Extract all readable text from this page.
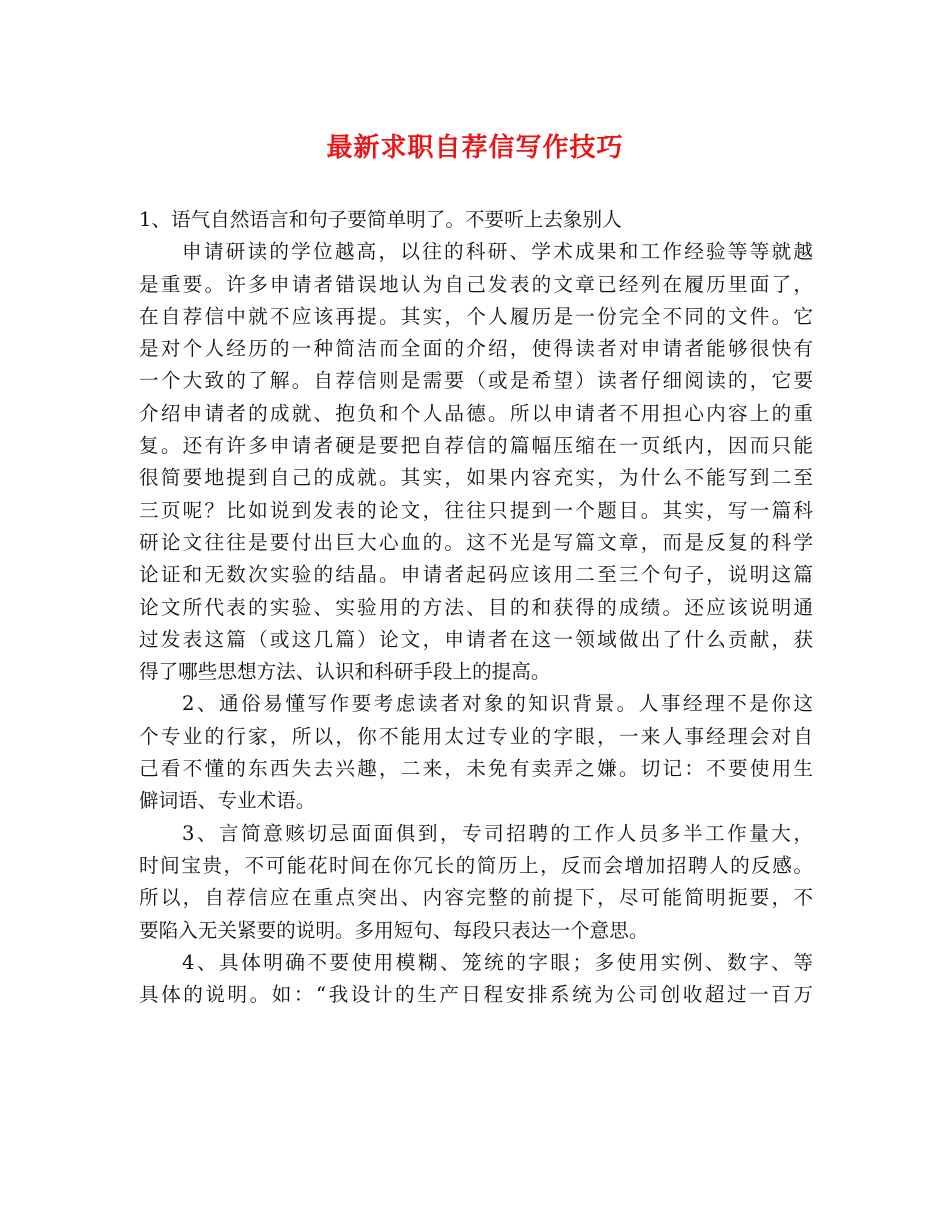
最新求职自荐信写作技巧
1、语气自然语言和句子要简单明了。不要听上去象别人
申请研读的学位越高，以往的科研、学术成果和工作经验等等就越
是重要。许多申请者错误地认为自己发表的文章已经列在履历里面了，
在自荐信中就不应该再提。其实，个人履历是一份完全不同的文件。它
是对个人经历的一种简洁而全面的介绍，使得读者对申请者能够很快有
一个大致的了解。自荐信则是需要（或是希望）读者仔细阅读的，它要
介绍申请者的成就、抱负和个人品德。所以申请者不用担心内容上的重
复。还有许多申请者硬是要把自荐信的篇幅压缩在一页纸内，因而只能
很简要地提到自己的成就。其实，如果内容充实，为什么不能写到二至
三页呢？比如说到发表的论文，往往只提到一个题目。其实，写一篇科
研论文往往是要付出巨大心血的。这不光是写篇文章，而是反复的科学
论证和无数次实验的结晶。申请者起码应该用二至三个句子，说明这篇
论文所代表的实验、实验用的方法、目的和获得的成绩。还应该说明通
过发表这篇（或这几篇）论文，申请者在这一领域做出了什么贡献，获
得了哪些思想方法、认识和科研手段上的提高。
2、通俗易懂写作要考虑读者对象的知识背景。人事经理不是你这
个专业的行家，所以，你不能用太过专业的字眼，一来人事经理会对自
己看不懂的东西失去兴趣，二来，未免有卖弄之嫌。切记：不要使用生
僻词语、专业术语。
3、言简意赅切忌面面俱到，专司招聘的工作人员多半工作量大，
时间宝贵，不可能花时间在你冗长的简历上，反而会增加招聘人的反感。
所以，自荐信应在重点突出、内容完整的前提下，尽可能简明扼要，不
要陷入无关紧要的说明。多用短句、每段只表达一个意思。
4、具体明确不要使用模糊、笼统的字眼；多使用实例、数字、等
具体的说明。如：“我设计的生产日程安排系统为公司创收超过一百万
